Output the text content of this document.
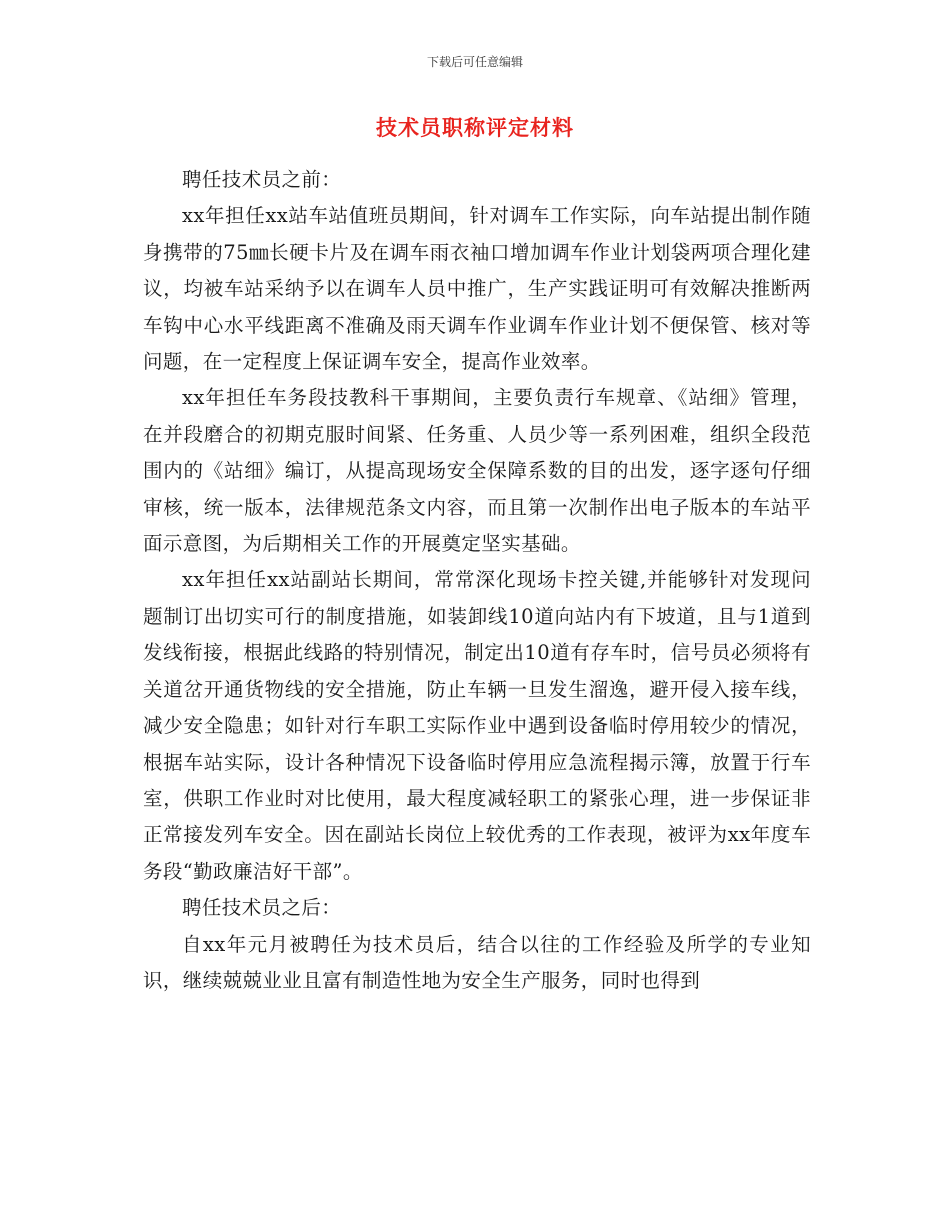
下载后可任意编辑
技术员职称评定材料

聘任技术员之前：

xx年担任xx站车站值班员期间，针对调车工作实际，向车站提出制作随身携带的75㎜长硬卡片及在调车雨衣袖口增加调车作业计划袋两项合理化建议，均被车站采纳予以在调车人员中推广，生产实践证明可有效解决推断两车钩中心水平线距离不准确及雨天调车作业调车作业计划不便保管、核对等问题，在一定程度上保证调车安全，提高作业效率。

xx年担任车务段技教科干事期间，主要负责行车规章、《站细》管理，在并段磨合的初期克服时间紧、任务重、人员少等一系列困难，组织全段范围内的《站细》编订，从提高现场安全保障系数的目的出发，逐字逐句仔细审核，统一版本，法律规范条文内容，而且第一次制作出电子版本的车站平面示意图，为后期相关工作的开展奠定坚实基础。

xx年担任xx站副站长期间，常常深化现场卡控关键,并能够针对发现问题制订出切实可行的制度措施，如装卸线10道向站内有下坡道，且与1道到发线衔接，根据此线路的特别情况，制定出10道有存车时，信号员必须将有关道岔开通货物线的安全措施，防止车辆一旦发生溜逸，避开侵入接车线，减少安全隐患；如针对行车职工实际作业中遇到设备临时停用较少的情况，根据车站实际，设计各种情况下设备临时停用应急流程揭示簿，放置于行车室，供职工作业时对比使用，最大程度减轻职工的紧张心理，进一步保证非正常接发列车安全。因在副站长岗位上较优秀的工作表现，被评为xx年度车务段“勤政廉洁好干部”。

聘任技术员之后：

自xx年元月被聘任为技术员后，结合以往的工作经验及所学的专业知识，继续兢兢业业且富有制造性地为安全生产服务，同时也得到
